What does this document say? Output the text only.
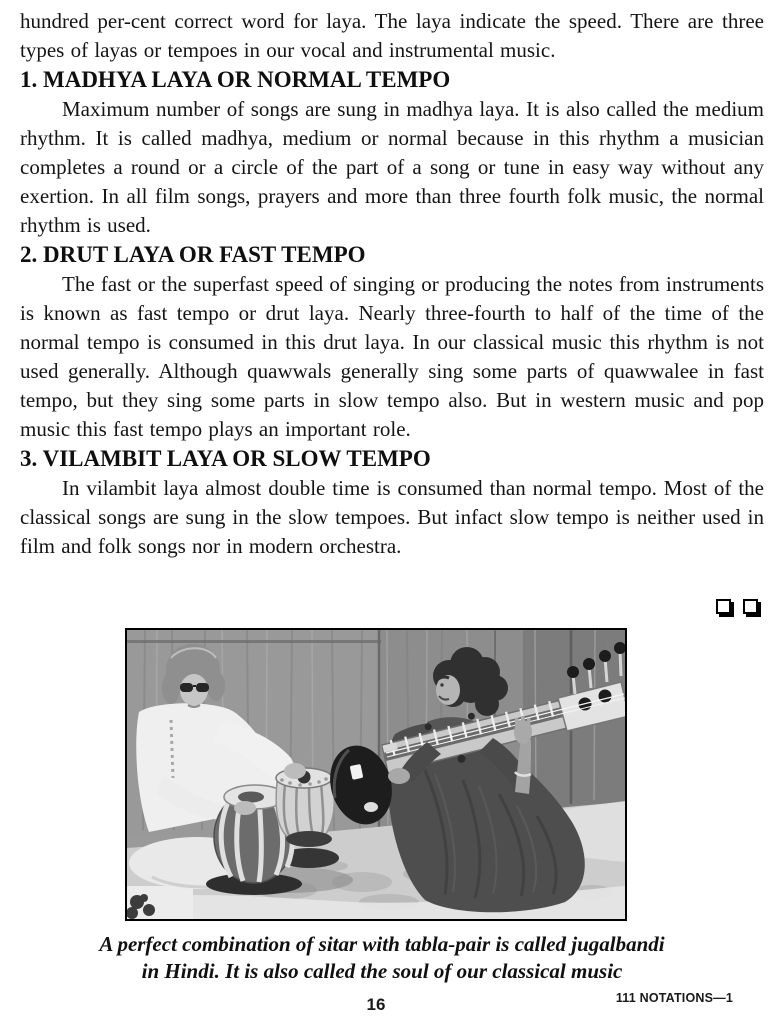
hundred per-cent correct word for laya. The laya indicate the speed. There are three types of layas or tempoes in our vocal and instrumental music.

1. MADHYA LAYA OR NORMAL TEMPO

Maximum number of songs are sung in madhya laya. It is also called the medium rhythm. It is called madhya, medium or normal because in this rhythm a musician completes a round or a circle of the part of a song or tune in easy way without any exertion. In all film songs, prayers and more than three fourth folk music, the normal rhythm is used.

2. DRUT LAYA OR FAST TEMPO

The fast or the superfast speed of singing or producing the notes from instruments is known as fast tempo or drut laya. Nearly three-fourth to half of the time of the normal tempo is consumed in this drut laya. In our classical music this rhythm is not used generally. Although quawwals generally sing some parts of quawwalee in fast tempo, but they sing some parts in slow tempo also. But in western music and pop music this fast tempo plays an important role.

3. VILAMBIT LAYA OR SLOW TEMPO

In vilambit laya almost double time is consumed than normal tempo. Most of the classical songs are sung in the slow tempoes. But infact slow tempo is neither used in film and folk songs nor in modern orchestra.

A perfect combination of sitar with tabla-pair is called jugalbandi
in Hindi. It is also called the soul of our classical music
16	111 NOTATIONS—1
